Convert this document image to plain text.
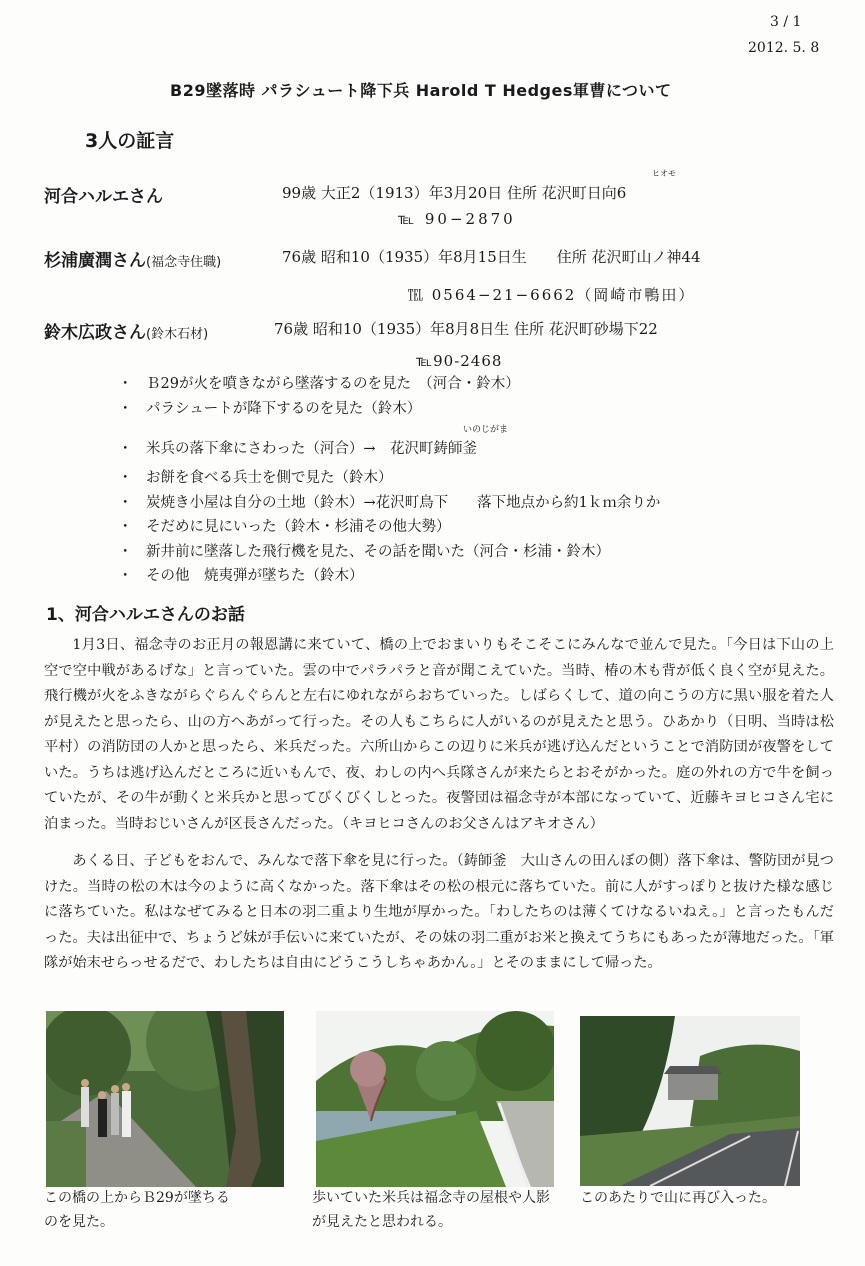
3 / 1
2012. 5. 8
B29墜落時 パラシュート降下兵 Harold T Hedges軍曹について
3人の証言
河合ハルエさん
ヒオモ
99歳 大正2（1913）年3月20日 住所 花沢町日向6
℡ 90−2870
杉浦廣潤さん(福念寺住職)	76歳 昭和10（1935）年8月15日生　　住所 花沢町山ノ神44
℡ 0564−21−6662（岡崎市鴨田）
鈴木広政さん(鈴木石材)	76歳 昭和10（1935）年8月8日生 住所 花沢町砂場下22
℡90-2468
・ Ｂ29が火を噴きながら墜落するのを見た　（河合・鈴木）
・ パラシュートが降下するのを見た（鈴木）
・
いのじがま
米兵の落下傘にさわった（河合）→　花沢町鋳師釜
・ お餅を食べる兵士を側で見た（鈴木）
・ 炭焼き小屋は自分の土地（鈴木）→花沢町鳥下　　落下地点から約1ｋｍ余りか
・ そだめに見にいった（鈴木・杉浦その他大勢）
・ 新井前に墜落した飛行機を見た、その話を聞いた（河合・杉浦・鈴木）
・ その他　焼夷弾が墜ちた（鈴木）
1、河合ハルエさんのお話

1月3日、福念寺のお正月の報恩講に来ていて、橋の上でおまいりもそこそこにみんなで並んで見た。「今日は下山の上空で空中戦があるげな」と言っていた。雲の中でパラパラと音が聞こえていた。当時、椿の木も背が低く良く空が見えた。飛行機が火をふきながらぐらんぐらんと左右にゆれながらおちていった。しばらくして、道の向こうの方に黒い服を着た人が見えたと思ったら、山の方へあがって行った。その人もこちらに人がいるのが見えたと思う。ひあかり（日明、当時は松平村）の消防団の人かと思ったら、米兵だった。六所山からこの辺りに米兵が逃げ込んだということで消防団が夜警をしていた。うちは逃げ込んだところに近いもんで、夜、わしの内へ兵隊さんが来たらとおそがかった。庭の外れの方で牛を飼っていたが、その牛が動くと米兵かと思ってびくびくしとった。夜警団は福念寺が本部になっていて、近藤キヨヒコさん宅に泊まった。当時おじいさんが区長さんだった。（キヨヒコさんのお父さんはアキオさん）

あくる日、子どもをおんで、みんなで落下傘を見に行った。（鋳師釜　大山さんの田んぼの側）落下傘は、警防団が見つけた。当時の松の木は今のように高くなかった。落下傘はその松の根元に落ちていた。前に人がすっぽりと抜けた様な感じに落ちていた。私はなぜてみると日本の羽二重より生地が厚かった。「わしたちのは薄くてけなるいねえ。」と言ったもんだった。夫は出征中で、ちょうど妹が手伝いに来ていたが、その妹の羽二重がお米と換えてうちにもあったが薄地だった。「軍隊が始末せらっせるだで、わしたちは自由にどうこうしちゃあかん。」とそのままにして帰った。

この橋の上からＢ29が墜ちるのを見た。
歩いていた米兵は福念寺の屋根や人影が見えたと思われる。
このあたりで山に再び入った。
